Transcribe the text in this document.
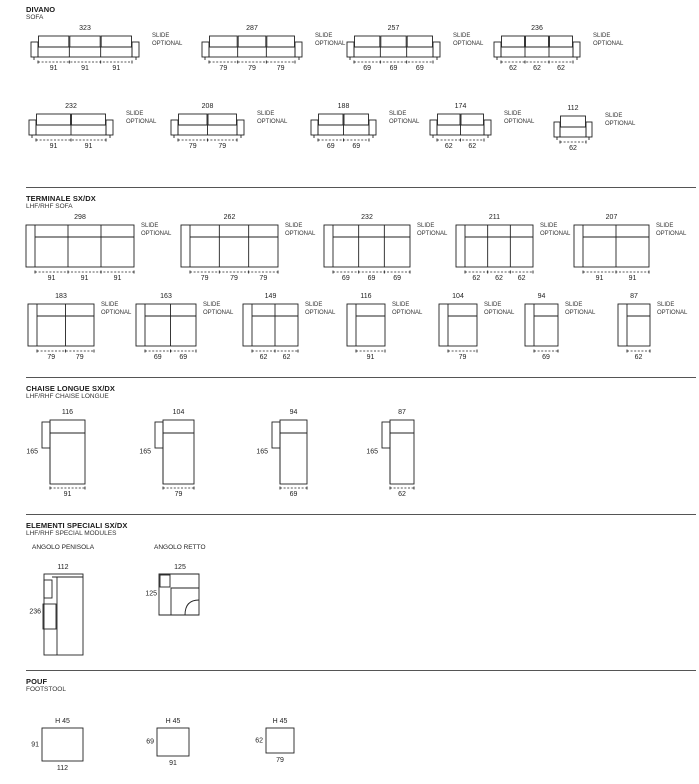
DIVANO
SOFA
TERMINALE SX/DX
LHF/RHF SOFA
CHAISE LONGUE SX/DX
LHF/RHF CHAISE LONGUE
ELEMENTI SPECIALI SX/DX
LHF/RHF SPECIAL MODULES
POUF
FOOTSTOOL
323
91	91	91
SLIDE
OPTIONAL
287
79	79	79
SLIDE
OPTIONAL
257
69	69	69
SLIDE
OPTIONAL
236
62 62 62
SLIDE
OPTIONAL
232
91	91
SLIDE
OPTIONAL
208
79	79
SLIDE
OPTIONAL
188
69	69
SLIDE
OPTIONAL
174
62 62
SLIDE
OPTIONAL
112
62
SLIDE
OPTIONAL
298
91	91	91
SLIDE
OPTIONAL
262
79	79	79
SLIDE
OPTIONAL
232
69	69	69
SLIDE
OPTIONAL
211
62 62 62
SLIDE
OPTIONAL
207
91	91
SLIDE
OPTIONAL
183
79	79
SLIDE
OPTIONAL
163
69	69
SLIDE
OPTIONAL
149
62 62
SLIDE
OPTIONAL
116
91
SLIDE
OPTIONAL
104
79
SLIDE
OPTIONAL
94
69
SLIDE
OPTIONAL
87
62
SLIDE
OPTIONAL
116
165
91
104
165
79
94
165
69
87
165
62
ANGOLO PENISOLA	ANGOLO RETTO
112
236
125
125
H 45
91
112
H 45
69
91
H 45
62
79
